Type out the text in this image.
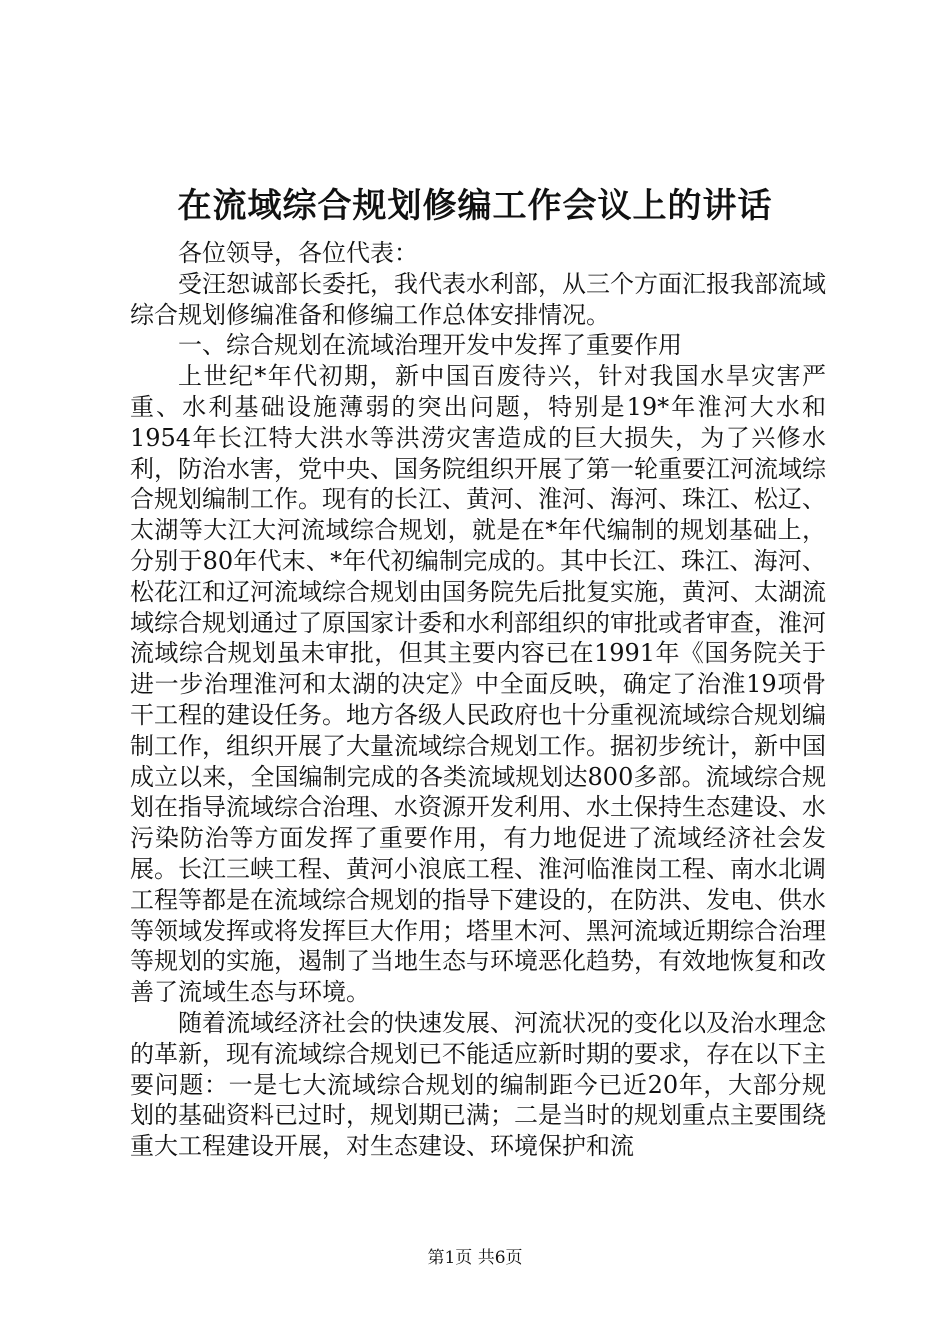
在流域综合规划修编工作会议上的讲话

各位领导，各位代表：

受汪恕诚部长委托，我代表水利部，从三个方面汇报我部流域综合规划修编准备和修编工作总体安排情况。

一、综合规划在流域治理开发中发挥了重要作用

上世纪*年代初期，新中国百废待兴，针对我国水旱灾害严重、水利基础设施薄弱的突出问题，特别是19*年淮河大水和1954年长江特大洪水等洪涝灾害造成的巨大损失，为了兴修水利，防治水害，党中央、国务院组织开展了第一轮重要江河流域综合规划编制工作。现有的长江、黄河、淮河、海河、珠江、松辽、太湖等大江大河流域综合规划，就是在*年代编制的规划基础上，分别于80年代末、*年代初编制完成的。其中长江、珠江、海河、松花江和辽河流域综合规划由国务院先后批复实施，黄河、太湖流域综合规划通过了原国家计委和水利部组织的审批或者审查，淮河流域综合规划虽未审批，但其主要内容已在1991年《国务院关于进一步治理淮河和太湖的决定》中全面反映，确定了治淮19项骨干工程的建设任务。地方各级人民政府也十分重视流域综合规划编制工作，组织开展了大量流域综合规划工作。据初步统计，新中国成立以来，全国编制完成的各类流域规划达800多部。流域综合规划在指导流域综合治理、水资源开发利用、水土保持生态建设、水污染防治等方面发挥了重要作用，有力地促进了流域经济社会发展。长江三峡工程、黄河小浪底工程、淮河临淮岗工程、南水北调工程等都是在流域综合规划的指导下建设的，在防洪、发电、供水等领域发挥或将发挥巨大作用；塔里木河、黑河流域近期综合治理等规划的实施，遏制了当地生态与环境恶化趋势，有效地恢复和改善了流域生态与环境。

随着流域经济社会的快速发展、河流状况的变化以及治水理念的革新，现有流域综合规划已不能适应新时期的要求，存在以下主要问题：一是七大流域综合规划的编制距今已近20年，大部分规划的基础资料已过时，规划期已满；二是当时的规划重点主要围绕重大工程建设开展，对生态建设、环境保护和流

第1页 共6页
